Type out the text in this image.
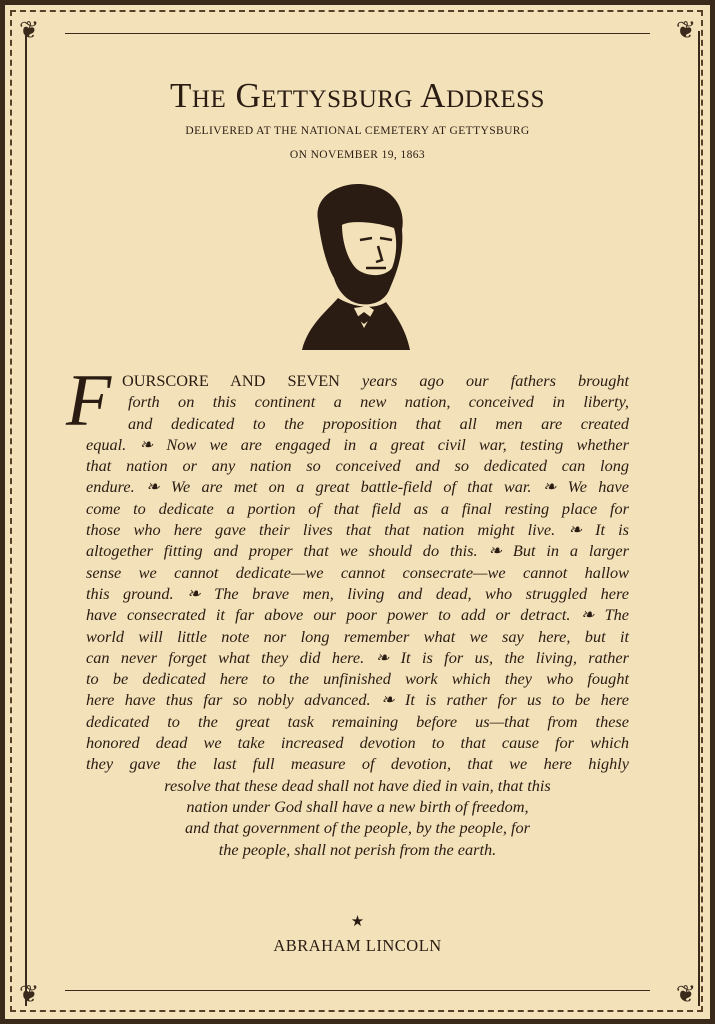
❦	❦
❦	❦
The Gettysburg Address
DELIVERED AT THE NATIONAL CEMETERY AT GETTYSBURG
ON NOVEMBER 19, 1863
F OURSCORE AND SEVEN years ago our fathers brought
forth on this continent a new nation, conceived in liberty,
and dedicated to the proposition that all men are created
equal. ❧ Now we are engaged in a great civil war, testing whether
that nation or any nation so conceived and so dedicated can long
endure. ❧ We are met on a great battle-field of that war. ❧ We have
come to dedicate a portion of that field as a final resting place for
those who here gave their lives that that nation might live. ❧ It is
altogether fitting and proper that we should do this. ❧ But in a larger
sense we cannot dedicate—we cannot consecrate—we cannot hallow
this ground. ❧ The brave men, living and dead, who struggled here
have consecrated it far above our poor power to add or detract. ❧ The
world will little note nor long remember what we say here, but it
can never forget what they did here. ❧ It is for us, the living, rather
to be dedicated here to the unfinished work which they who fought
here have thus far so nobly advanced. ❧ It is rather for us to be here
dedicated to the great task remaining before us—that from these
honored dead we take increased devotion to that cause for which
they gave the last full measure of devotion, that we here highly
resolve that these dead shall not have died in vain, that this
nation under God shall have a new birth of freedom,
and that government of the people, by the people, for
the people, shall not perish from the earth.
★
ABRAHAM LINCOLN
